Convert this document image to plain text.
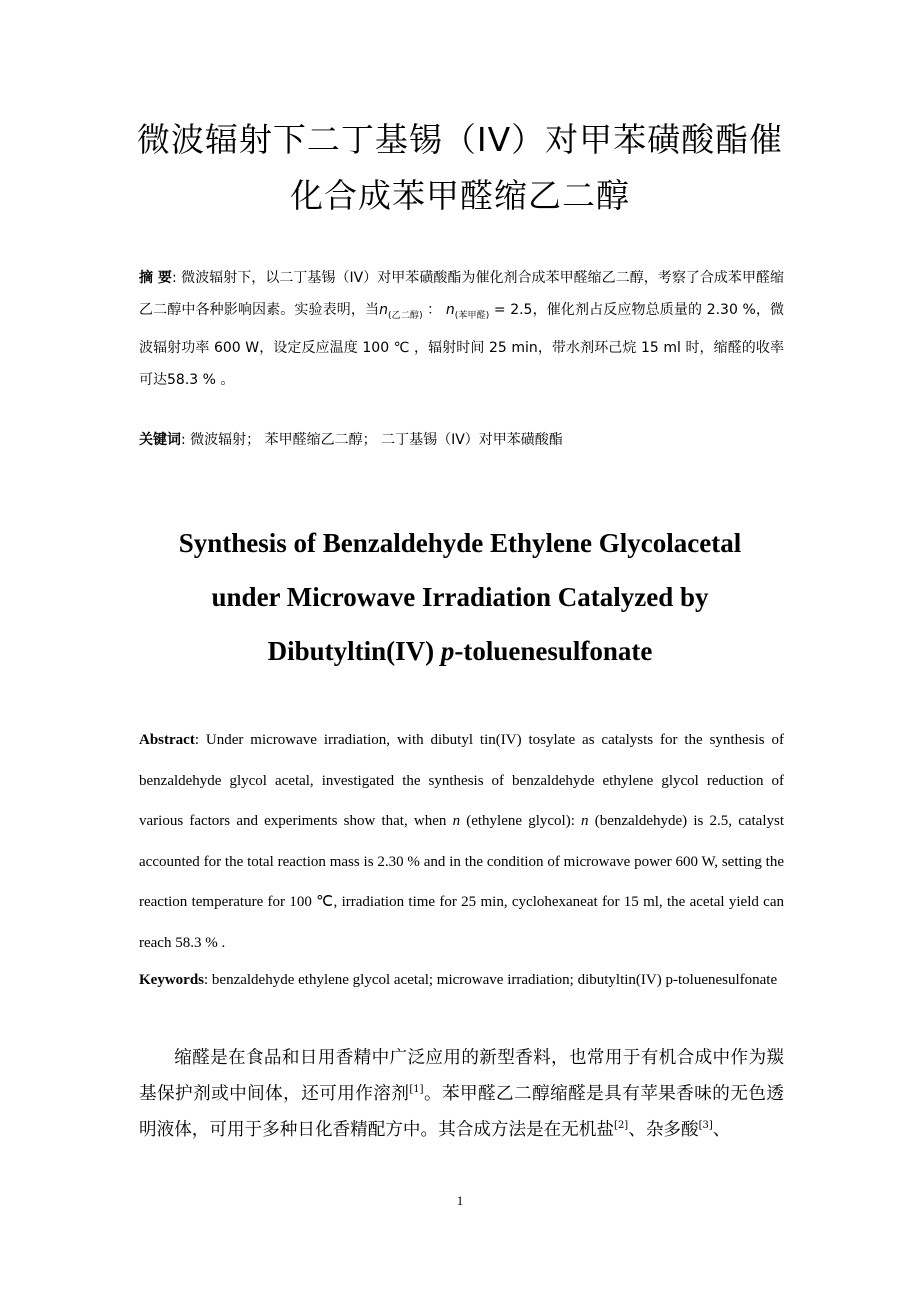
微波辐射下二丁基锡（IV）对甲苯磺酸酯催
化合成苯甲醛缩乙二醇
摘 要: 微波辐射下，以二丁基锡（IV）对甲苯磺酸酯为催化剂合成苯甲醛缩乙二醇，考察了合成苯甲醛缩乙二醇中各种影响因素。实验表明，当$n_{(乙二醇)}$ ： $n_{(苯甲醛)} = 2.5$，催化剂占反应物总质量的 2.30 %，微波辐射功率 600 W，设定反应温度 100 ℃ ，辐射时间 25 min，带水剂环己烷 15 ml 时，缩醛的收率可达58.3 % 。
关键词: 微波辐射； 苯甲醛缩乙二醇； 二丁基锡（IV）对甲苯磺酸酯
Synthesis of Benzaldehyde Ethylene Glycolacetal
under Microwave Irradiation Catalyzed by
Dibutyltin(IV) p-toluenesulfonate
Abstract: Under microwave irradiation, with dibutyl tin(IV) tosylate as catalysts for the synthesis of benzaldehyde glycol acetal, investigated the synthesis of benzaldehyde ethylene glycol reduction of various factors and experiments show that, when n (ethylene glycol): n (benzaldehyde) is 2.5, catalyst accounted for the total reaction mass is 2.30 % and in the condition of microwave power 600 W, setting the reaction temperature for 100 ℃, irradiation time for 25 min, cyclohexaneat for 15 ml, the acetal yield can reach 58.3 % .
Keywords: benzaldehyde ethylene glycol acetal; microwave irradiation; dibutyltin(IV) p-toluenesulfonate
缩醛是在食品和日用香精中广泛应用的新型香料，也常用于有机合成中作为羰基保护剂或中间体，还可用作溶剂[1]。苯甲醛乙二醇缩醛是具有苹果香味的无色透明液体，可用于多种日化香精配方中。其合成方法是在无机盐[2]、杂多酸[3]、
1
